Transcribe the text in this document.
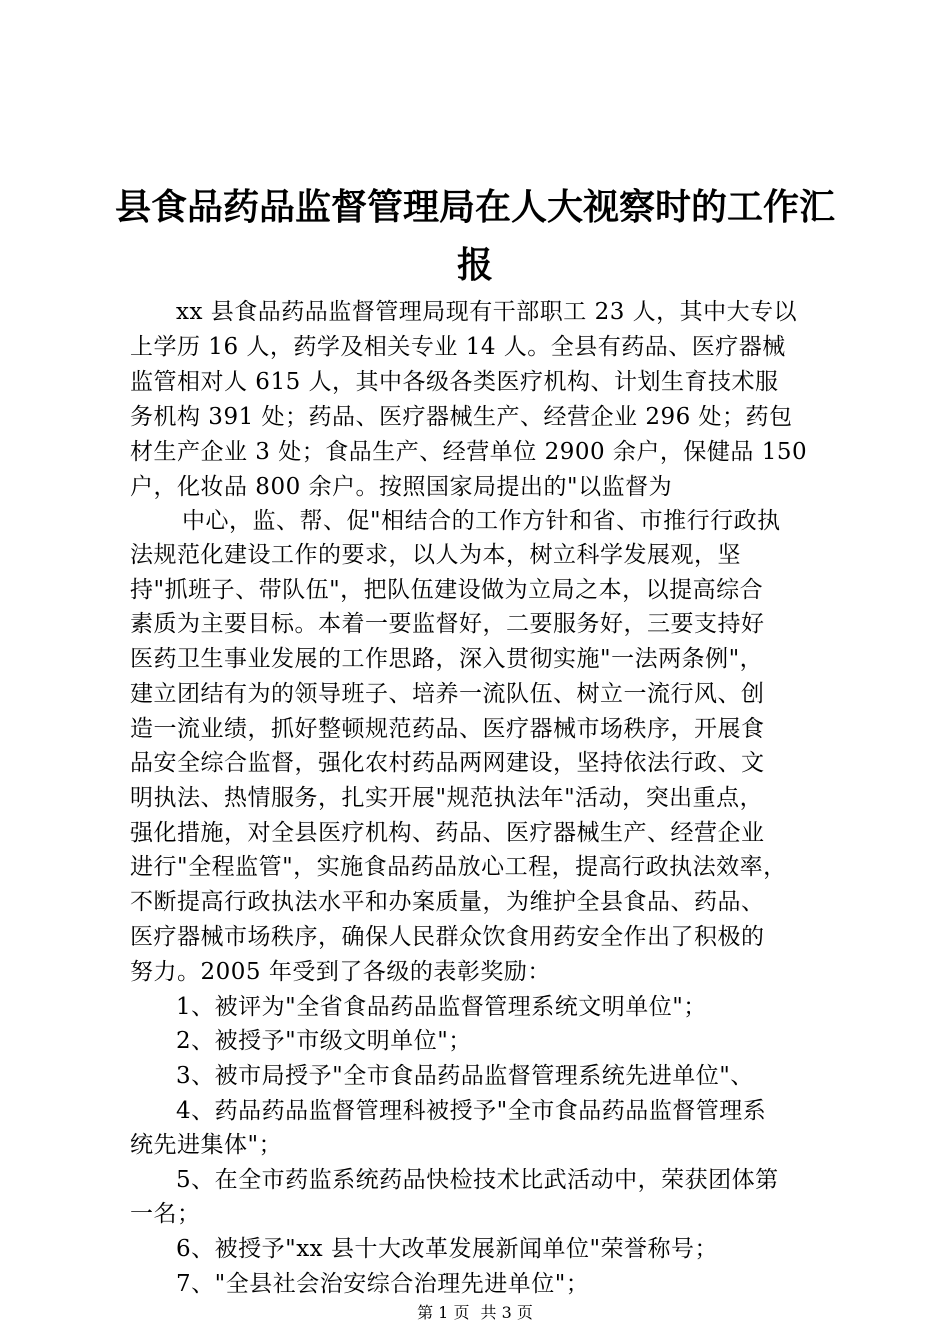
县食品药品监督管理局在人大视察时的工作汇
报
xx 县食品药品监督管理局现有干部职工 23 人，其中大专以
上学历 16 人，药学及相关专业 14 人。全县有药品、医疗器械
监管相对人 615 人，其中各级各类医疗机构、计划生育技术服
务机构 391 处；药品、医疗器械生产、经营企业 296 处；药包
材生产企业 3 处；食品生产、经营单位 2900 余户，保健品 150
户，化妆品 800 余户。按照国家局提出的"以监督为
中心，监、帮、促"相结合的工作方针和省、市推行行政执
法规范化建设工作的要求，以人为本，树立科学发展观，坚
持"抓班子、带队伍"，把队伍建设做为立局之本，以提高综合
素质为主要目标。本着一要监督好，二要服务好，三要支持好
医药卫生事业发展的工作思路，深入贯彻实施"一法两条例"，
建立团结有为的领导班子、培养一流队伍、树立一流行风、创
造一流业绩，抓好整顿规范药品、医疗器械市场秩序，开展食
品安全综合监督，强化农村药品两网建设，坚持依法行政、文
明执法、热情服务，扎实开展"规范执法年"活动，突出重点，
强化措施，对全县医疗机构、药品、医疗器械生产、经营企业
进行"全程监管"，实施食品药品放心工程，提高行政执法效率，
不断提高行政执法水平和办案质量，为维护全县食品、药品、
医疗器械市场秩序，确保人民群众饮食用药安全作出了积极的
努力。2005 年受到了各级的表彰奖励：
1、被评为"全省食品药品监督管理系统文明单位"；
2、被授予"市级文明单位"；
3、被市局授予"全市食品药品监督管理系统先进单位"、
4、药品药品监督管理科被授予"全市食品药品监督管理系
统先进集体"；
5、在全市药监系统药品快检技术比武活动中，荣获团体第
一名；
6、被授予"xx 县十大改革发展新闻单位"荣誉称号；
7、"全县社会治安综合治理先进单位"；
第 1 页 共 3 页
